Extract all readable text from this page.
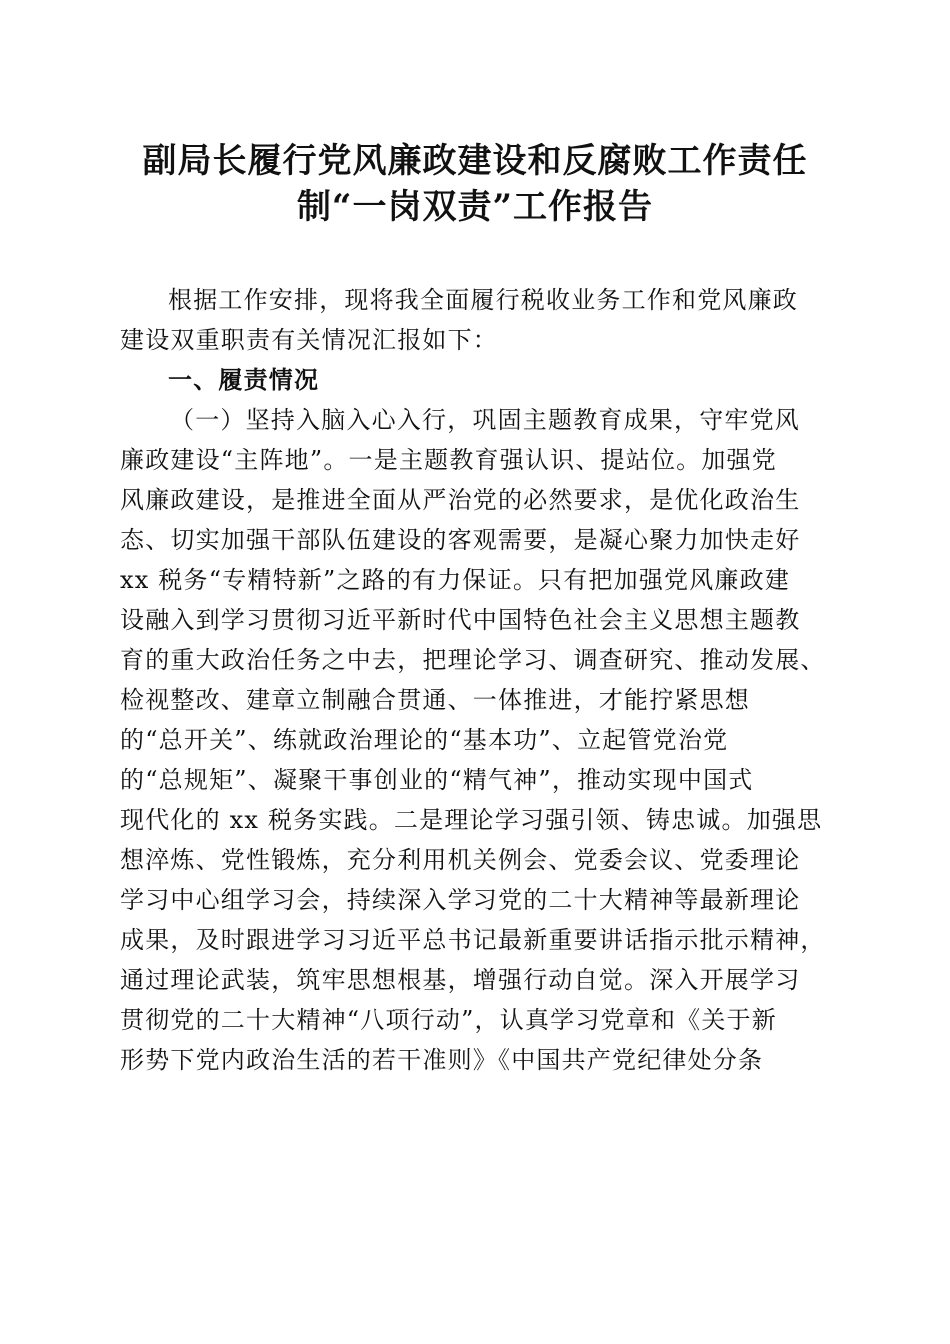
副局长履行党风廉政建设和反腐败工作责任
制“一岗双责”工作报告
根据工作安排，现将我全面履行税收业务工作和党风廉政
建设双重职责有关情况汇报如下：
一、履责情况
（一）坚持入脑入心入行，巩固主题教育成果，守牢党风
廉政建设“主阵地”。一是主题教育强认识、提站位。加强党
风廉政建设，是推进全面从严治党的必然要求，是优化政治生
态、切实加强干部队伍建设的客观需要，是凝心聚力加快走好
xx 税务“专精特新”之路的有力保证。只有把加强党风廉政建
设融入到学习贯彻习近平新时代中国特色社会主义思想主题教
育的重大政治任务之中去，把理论学习、调查研究、推动发展、
检视整改、建章立制融合贯通、一体推进，才能拧紧思想
的“总开关”、练就政治理论的“基本功”、立起管党治党
的“总规矩”、凝聚干事创业的“精气神”，推动实现中国式
现代化的 xx 税务实践。二是理论学习强引领、铸忠诚。加强思
想淬炼、党性锻炼，充分利用机关例会、党委会议、党委理论
学习中心组学习会，持续深入学习党的二十大精神等最新理论
成果，及时跟进学习习近平总书记最新重要讲话指示批示精神，
通过理论武装，筑牢思想根基，增强行动自觉。深入开展学习
贯彻党的二十大精神“八项行动”，认真学习党章和《关于新
形势下党内政治生活的若干准则》《中国共产党纪律处分条
